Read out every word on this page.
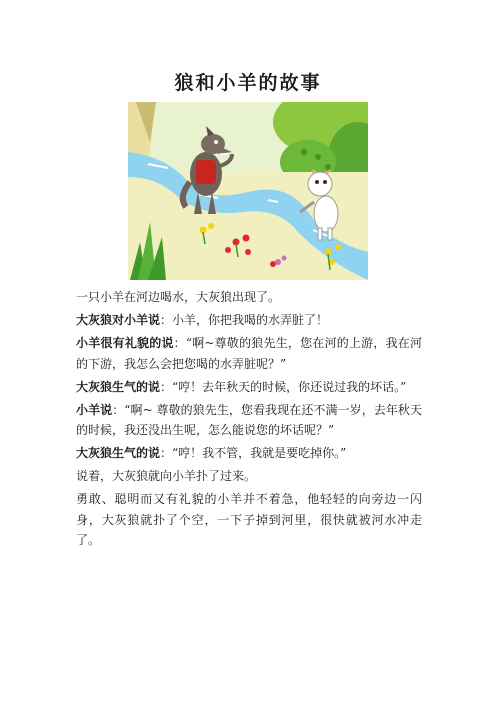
狼和小羊的故事

一只小羊在河边喝水，大灰狼出现了。

大灰狼对小羊说：小羊，你把我喝的水弄脏了！

小羊很有礼貌的说：“啊~尊敬的狼先生，您在河的上游，我在河的下游，我怎么会把您喝的水弄脏呢？”

大灰狼生气的说：“哼！去年秋天的时候，你还说过我的坏话。”

小羊说：“啊~ 尊敬的狼先生，您看我现在还不满一岁，去年秋天的时候，我还没出生呢，怎么能说您的坏话呢？”

大灰狼生气的说：“哼！我不管，我就是要吃掉你。”

说着，大灰狼就向小羊扑了过来。

勇敢、聪明而又有礼貌的小羊并不着急，他轻轻的向旁边一闪身，大灰狼就扑了个空，一下子掉到河里，很快就被河水冲走了。
